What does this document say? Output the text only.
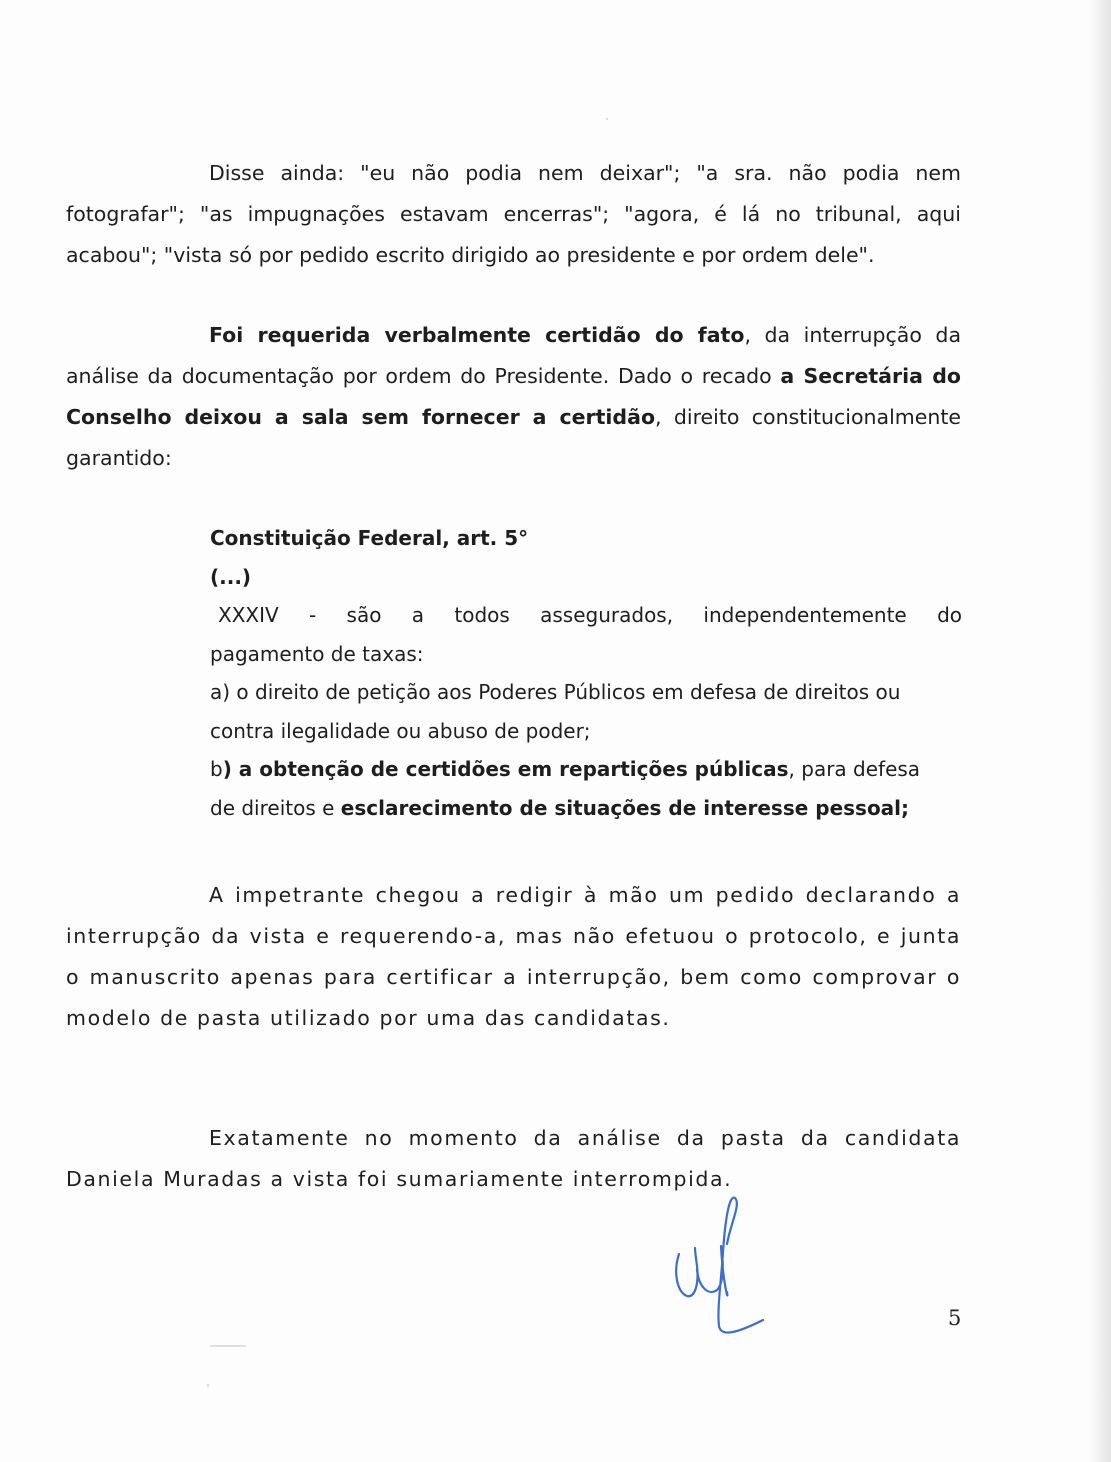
Disse ainda: "eu não podia nem deixar"; "a sra. não podia nem fotografar"; "as impugnações estavam encerras"; "agora, é lá no tribunal, aqui acabou"; "vista só por pedido escrito dirigido ao presidente e por ordem dele".

Foi requerida verbalmente certidão do fato, da interrupção da análise da documentação por ordem do Presidente. Dado o recado a Secretária do Conselho deixou a sala sem fornecer a certidão, direito constitucionalmente garantido:

Constituição Federal, art. 5°
(...)
XXXIV - são a todos assegurados, independentemente do
pagamento de taxas:
a) o direito de petição aos Poderes Públicos em defesa de direitos ou
contra ilegalidade ou abuso de poder;
b) a obtenção de certidões em repartições públicas, para defesa
de direitos e esclarecimento de situações de interesse pessoal;

A impetrante chegou a redigir à mão um pedido declarando a interrupção da vista e requerendo-a, mas não efetuou o protocolo, e junta o manuscrito apenas para certificar a interrupção, bem como comprovar o modelo de pasta utilizado por uma das candidatas.

Exatamente no momento da análise da pasta da candidata Daniela Muradas a vista foi sumariamente interrompida.

5
